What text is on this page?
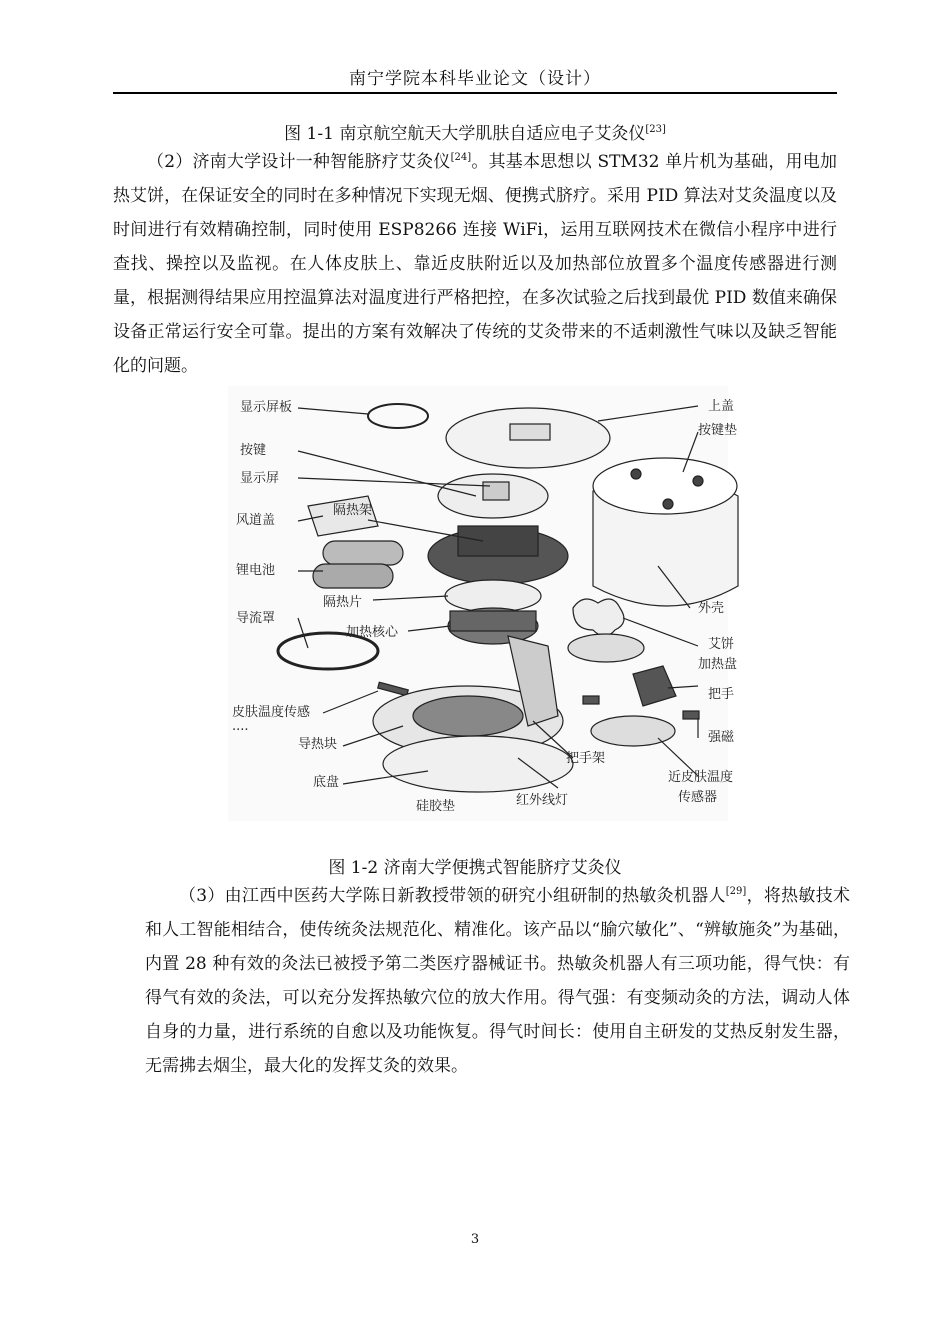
南宁学院本科毕业论文（设计）
图 1-1 南京航空航天大学肌肤自适应电子艾灸仪[23]
（2）济南大学设计一种智能脐疗艾灸仪[24]。其基本思想以 STM32 单片机为基础，用电加热艾饼，在保证安全的同时在多种情况下实现无烟、便携式脐疗。采用 PID 算法对艾灸温度以及时间进行有效精确控制，同时使用 ESP8266 连接 WiFi，运用互联网技术在微信小程序中进行查找、操控以及监视。在人体皮肤上、靠近皮肤附近以及加热部位放置多个温度传感器进行测量，根据测得结果应用控温算法对温度进行严格把控，在多次试验之后找到最优 PID 数值来确保设备正常运行安全可靠。提出的方案有效解决了传统的艾灸带来的不适刺激性气味以及缺乏智能化的问题。
显示屏板
按键
显示屏
风道盖
锂电池
导流罩
皮肤温度传感
....
导热块
底盘
硅胶垫
隔热架
隔热片
加热核心
把手架
红外线灯
上盖
按键垫
外壳
艾饼
加热盘
把手
强磁
近皮肤温度
传感器
图 1-2 济南大学便携式智能脐疗艾灸仪
（3）由江西中医药大学陈日新教授带领的研究小组研制的热敏灸机器人[29]，将热敏技术和人工智能相结合，使传统灸法规范化、精准化。该产品以“腧穴敏化”、“辨敏施灸”为基础，内置 28 种有效的灸法已被授予第二类医疗器械证书。热敏灸机器人有三项功能，得气快：有得气有效的灸法，可以充分发挥热敏穴位的放大作用。得气强：有变频动灸的方法，调动人体自身的力量，进行系统的自愈以及功能恢复。得气时间长：使用自主研发的艾热反射发生器，无需拂去烟尘，最大化的发挥艾灸的效果。
3
